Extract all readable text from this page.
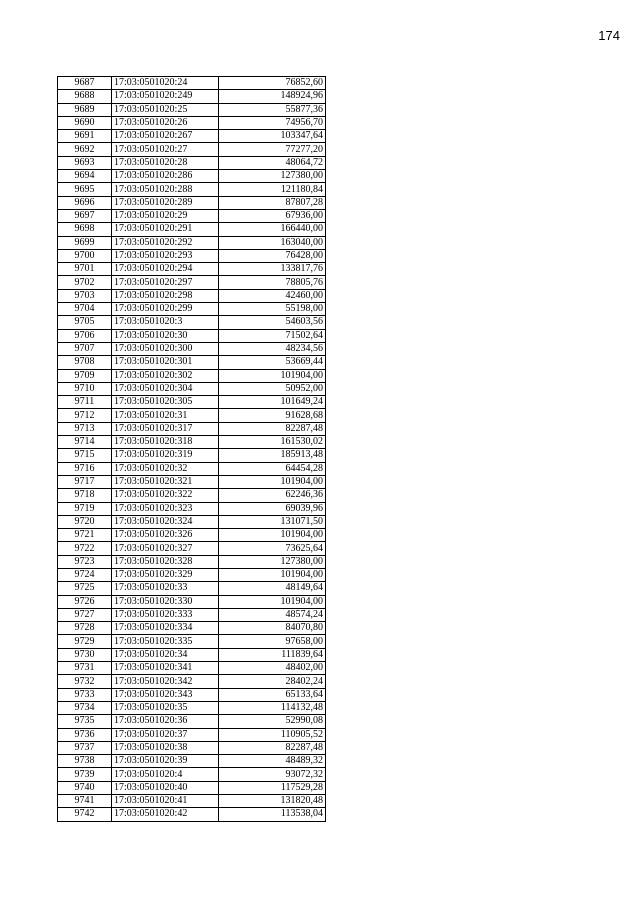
174
9687	17:03:0501020:24	76852,60
9688	17:03:0501020:249	148924,96
9689	17:03:0501020:25	55877,36
9690	17:03:0501020:26	74956,70
9691	17:03:0501020:267	103347,64
9692	17:03:0501020:27	77277,20
9693	17:03:0501020:28	48064,72
9694	17:03:0501020:286	127380,00
9695	17:03:0501020:288	121180,84
9696	17:03:0501020:289	87807,28
9697	17:03:0501020:29	67936,00
9698	17:03:0501020:291	166440,00
9699	17:03:0501020:292	163040,00
9700	17:03:0501020:293	76428,00
9701	17:03:0501020:294	133817,76
9702	17:03:0501020:297	78805,76
9703	17:03:0501020:298	42460,00
9704	17:03:0501020:299	55198,00
9705	17:03:0501020:3	54603,56
9706	17:03:0501020:30	71502,64
9707	17:03:0501020:300	48234,56
9708	17:03:0501020:301	53669,44
9709	17:03:0501020:302	101904,00
9710	17:03:0501020:304	50952,00
9711	17:03:0501020:305	101649,24
9712	17:03:0501020:31	91628,68
9713	17:03:0501020:317	82287,48
9714	17:03:0501020:318	161530,02
9715	17:03:0501020:319	185913,48
9716	17:03:0501020:32	64454,28
9717	17:03:0501020:321	101904,00
9718	17:03:0501020:322	62246,36
9719	17:03:0501020:323	69039,96
9720	17:03:0501020:324	131071,50
9721	17:03:0501020:326	101904,00
9722	17:03:0501020:327	73625,64
9723	17:03:0501020:328	127380,00
9724	17:03:0501020:329	101904,00
9725	17:03:0501020:33	48149,64
9726	17:03:0501020:330	101904,00
9727	17:03:0501020:333	48574,24
9728	17:03:0501020:334	84070,80
9729	17:03:0501020:335	97658,00
9730	17:03:0501020:34	111839,64
9731	17:03:0501020:341	48402,00
9732	17:03:0501020:342	28402,24
9733	17:03:0501020:343	65133,64
9734	17:03:0501020:35	114132,48
9735	17:03:0501020:36	52990,08
9736	17:03:0501020:37	110905,52
9737	17:03:0501020:38	82287,48
9738	17:03:0501020:39	48489,32
9739	17:03:0501020:4	93072,32
9740	17:03:0501020:40	117529,28
9741	17:03:0501020:41	131820,48
9742	17:03:0501020:42	113538,04
